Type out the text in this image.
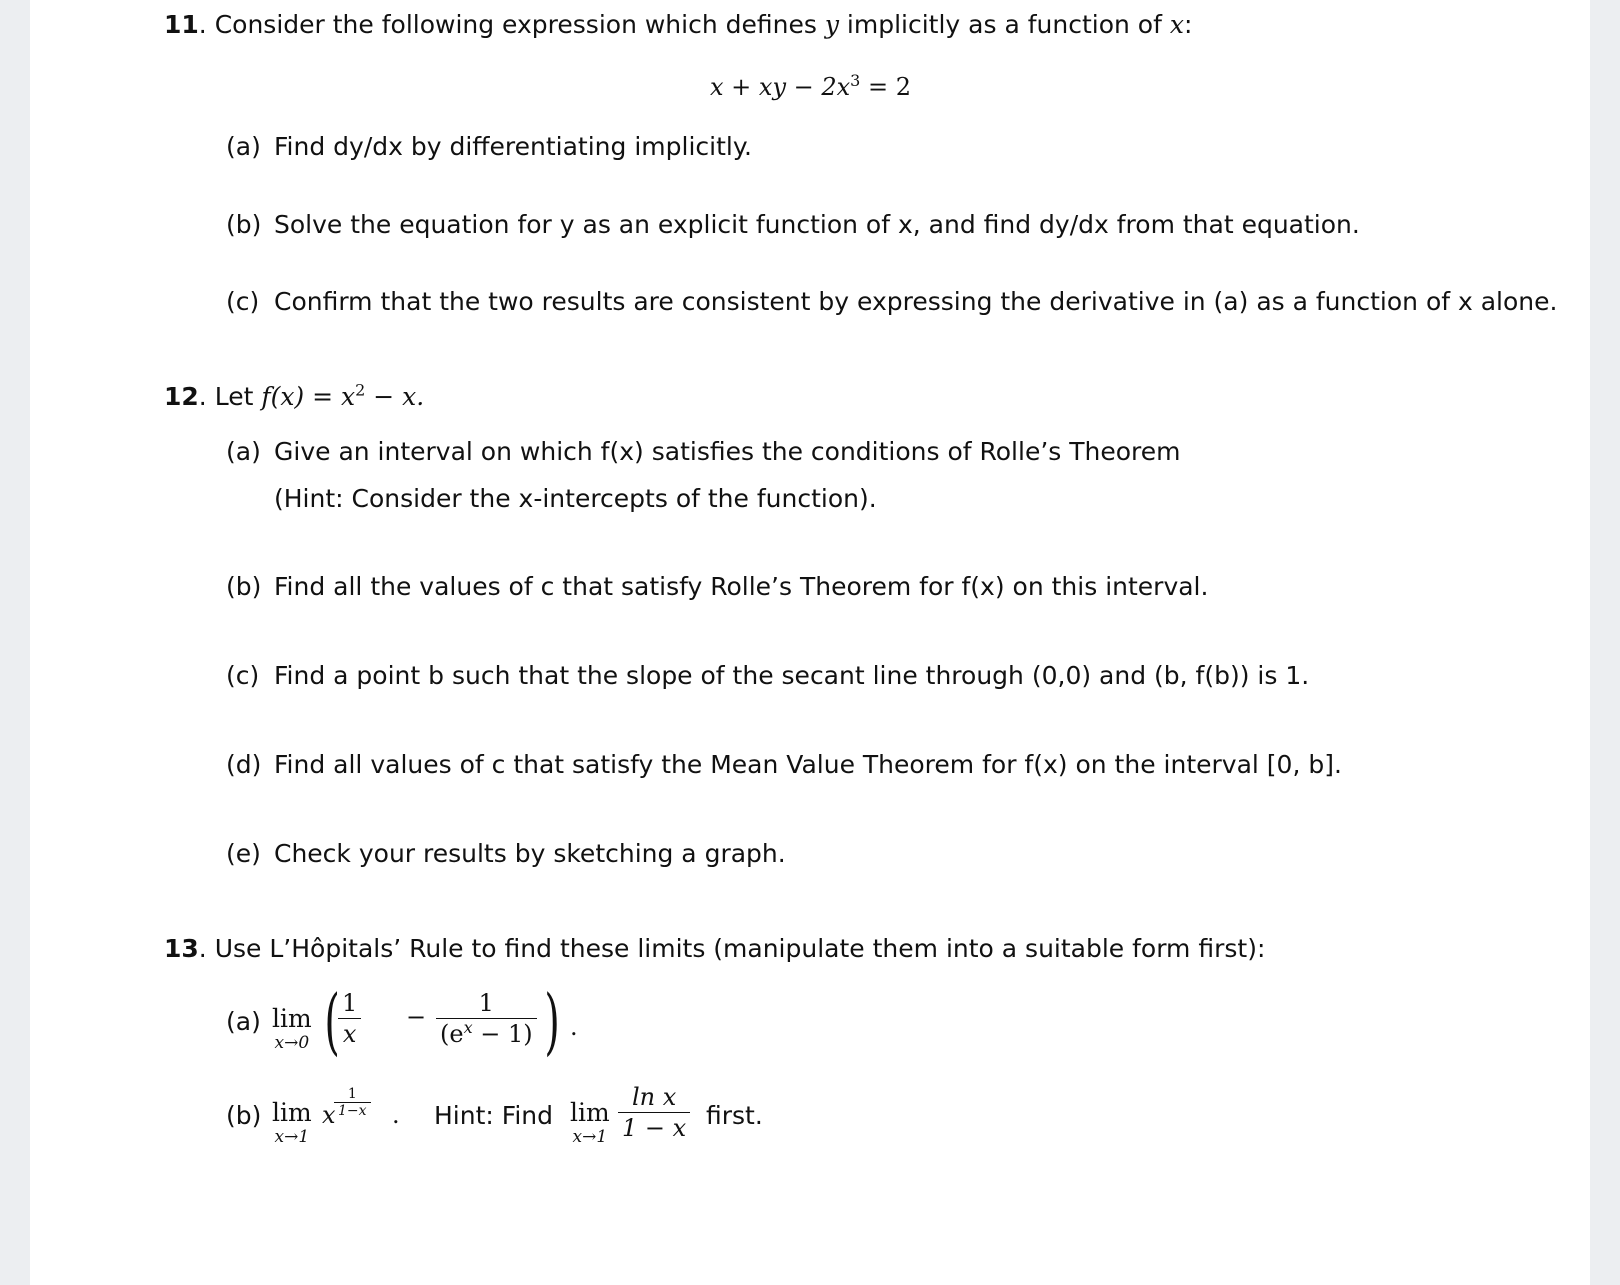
11. Consider the following expression which defines y implicitly as a function of x:
x + xy − $2x^3 = 2$
(a) Find dy/dx by differentiating implicitly.
(b) Solve the equation for y as an explicit function of x, and find dy/dx from that equation.
(c) Confirm that the two results are consistent by expressing the derivative in (a) as a function of x alone.
12. Let $f(x) = x^2 - x$.
(a) Give an interval on which f(x) satisfies the conditions of Rolle’s Theorem
(Hint: Consider the x-intercepts of the function).
(b) Find all the values of c that satisfy Rolle’s Theorem for f(x) on this interval.
(c) Find a point b such that the slope of the secant line through (0,0) and (b, f(b)) is 1.
(d) Find all values of c that satisfy the Mean Value Theorem for f(x) on the interval [0, b].
(e) Check your results by sketching a graph.
13. Use L’Hôpitals’ Rule to find these limits (manipulate them into a suitable form first):
(a) lim
x→0 (
$\frac{1}{x} - \frac{1}{(e^x - 1)}$ ) .
(b) lim
x→1
x
$\frac{1}{1-x}$ . Hint: Find lim
$x\to 1 \frac{\text{ln x}}{1 - x}$ first.
